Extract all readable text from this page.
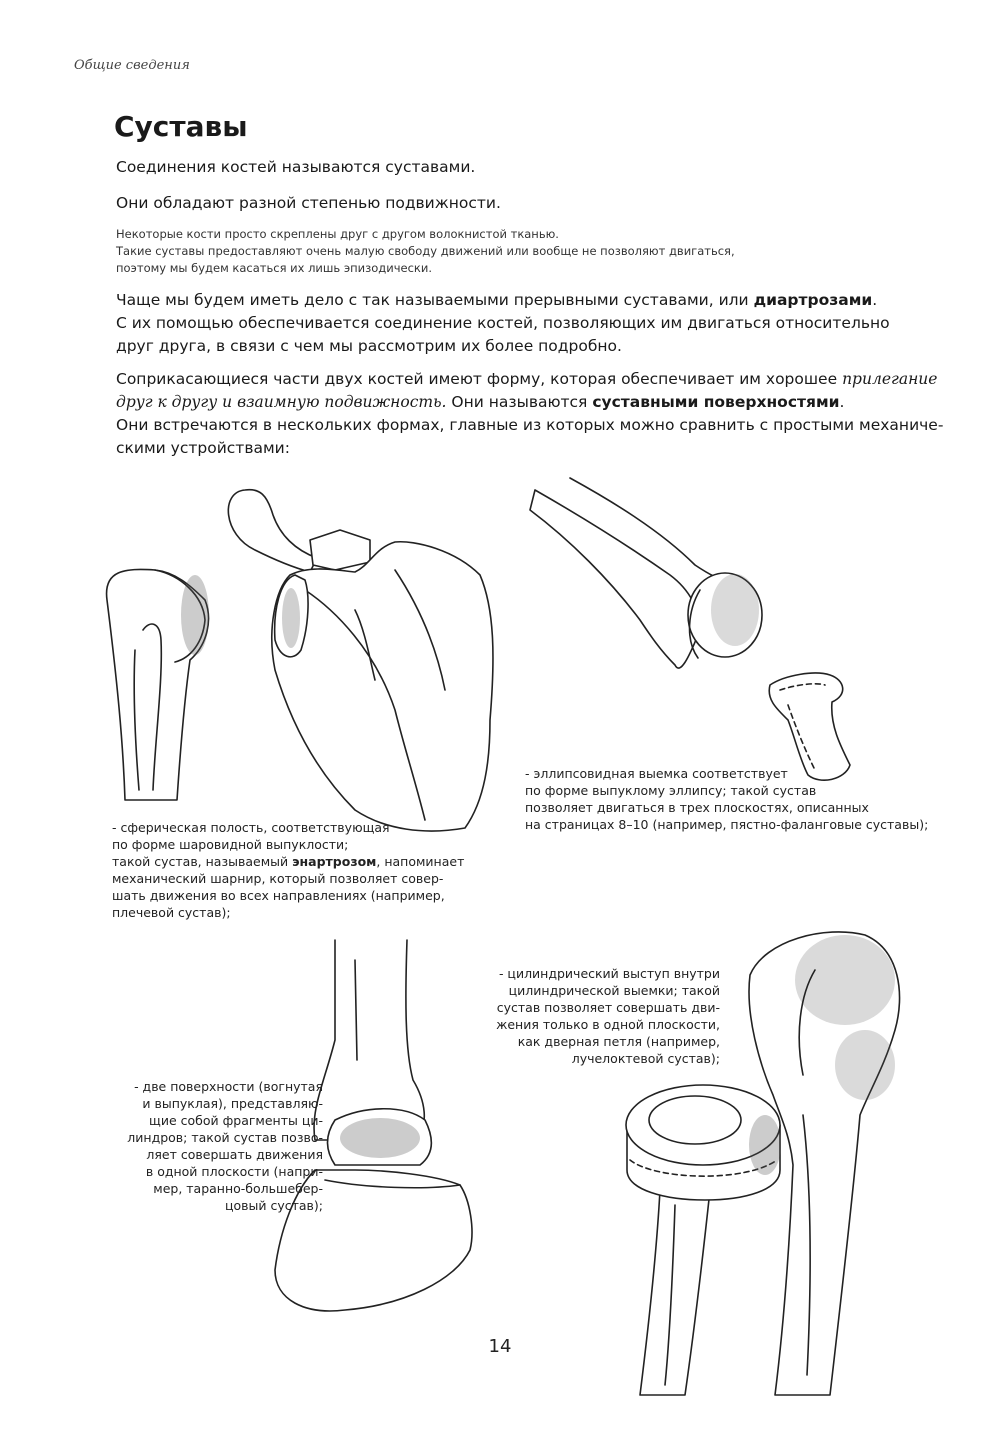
Общие сведения
Суставы

Соединения костей называются суставами.

Они обладают разной степенью подвижности.

Некоторые кости просто скреплены друг с другом волокнистой тканью.
Такие суставы предоставляют очень малую свободу движений или вообще не позволяют двигаться,
поэтому мы будем касаться их лишь эпизодически.

Чаще мы будем иметь дело с так называемыми прерывными суставами, или диартрозами.
С их помощью обеспечивается соединение костей, позволяющих им двигаться относительно
друг друга, в связи с чем мы рассмотрим их более подробно.

Соприкасающиеся части двух костей имеют форму, которая обеспечивает им хорошее прилегание
друг к другу и взаимную подвижность. Они называются суставными поверхностями.
Они встречаются в нескольких формах, главные из которых можно сравнить с простыми механиче-
скими устройствами:

- сферическая полость, соответствующая
по форме шаровидной выпуклости;
такой сустав, называемый энартрозом, напоминает
механический шарнир, который позволяет совер-
шать движения во всех направлениях (например,
плечевой сустав);

- эллипсовидная выемка соответствует
по форме выпуклому эллипсу; такой сустав
позволяет двигаться в трех плоскостях, описанных
на страницах 8–10 (например, пястно-фаланговые суставы);

- две поверхности (вогнутая
и выпуклая), представляю-
щие собой фрагменты ци-
линдров; такой сустав позво-
ляет совершать движения
в одной плоскости (напри-
мер, таранно-большебер-
цовый сустав);

- цилиндрический выступ внутри
цилиндрической выемки; такой
сустав позволяет совершать дви-
жения только в одной плоскости,
как дверная петля (например,
лучелоктевой сустав);

14
